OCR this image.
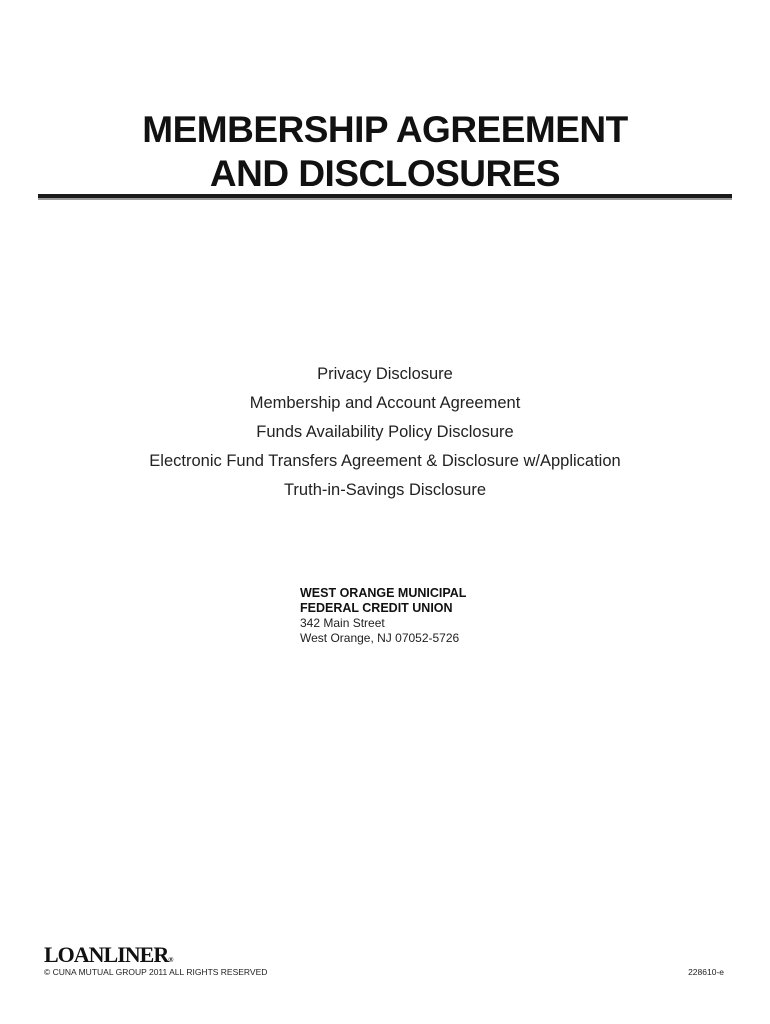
MEMBERSHIP AGREEMENT
AND DISCLOSURES
Privacy Disclosure
Membership and Account Agreement
Funds Availability Policy Disclosure
Electronic Fund Transfers Agreement & Disclosure w/Application
Truth-in-Savings Disclosure
WEST ORANGE MUNICIPAL
FEDERAL CREDIT UNION
342 Main Street
West Orange, NJ 07052-5726
LOANLINER®
© CUNA MUTUAL GROUP 2011 ALL RIGHTS RESERVED	228610-e
